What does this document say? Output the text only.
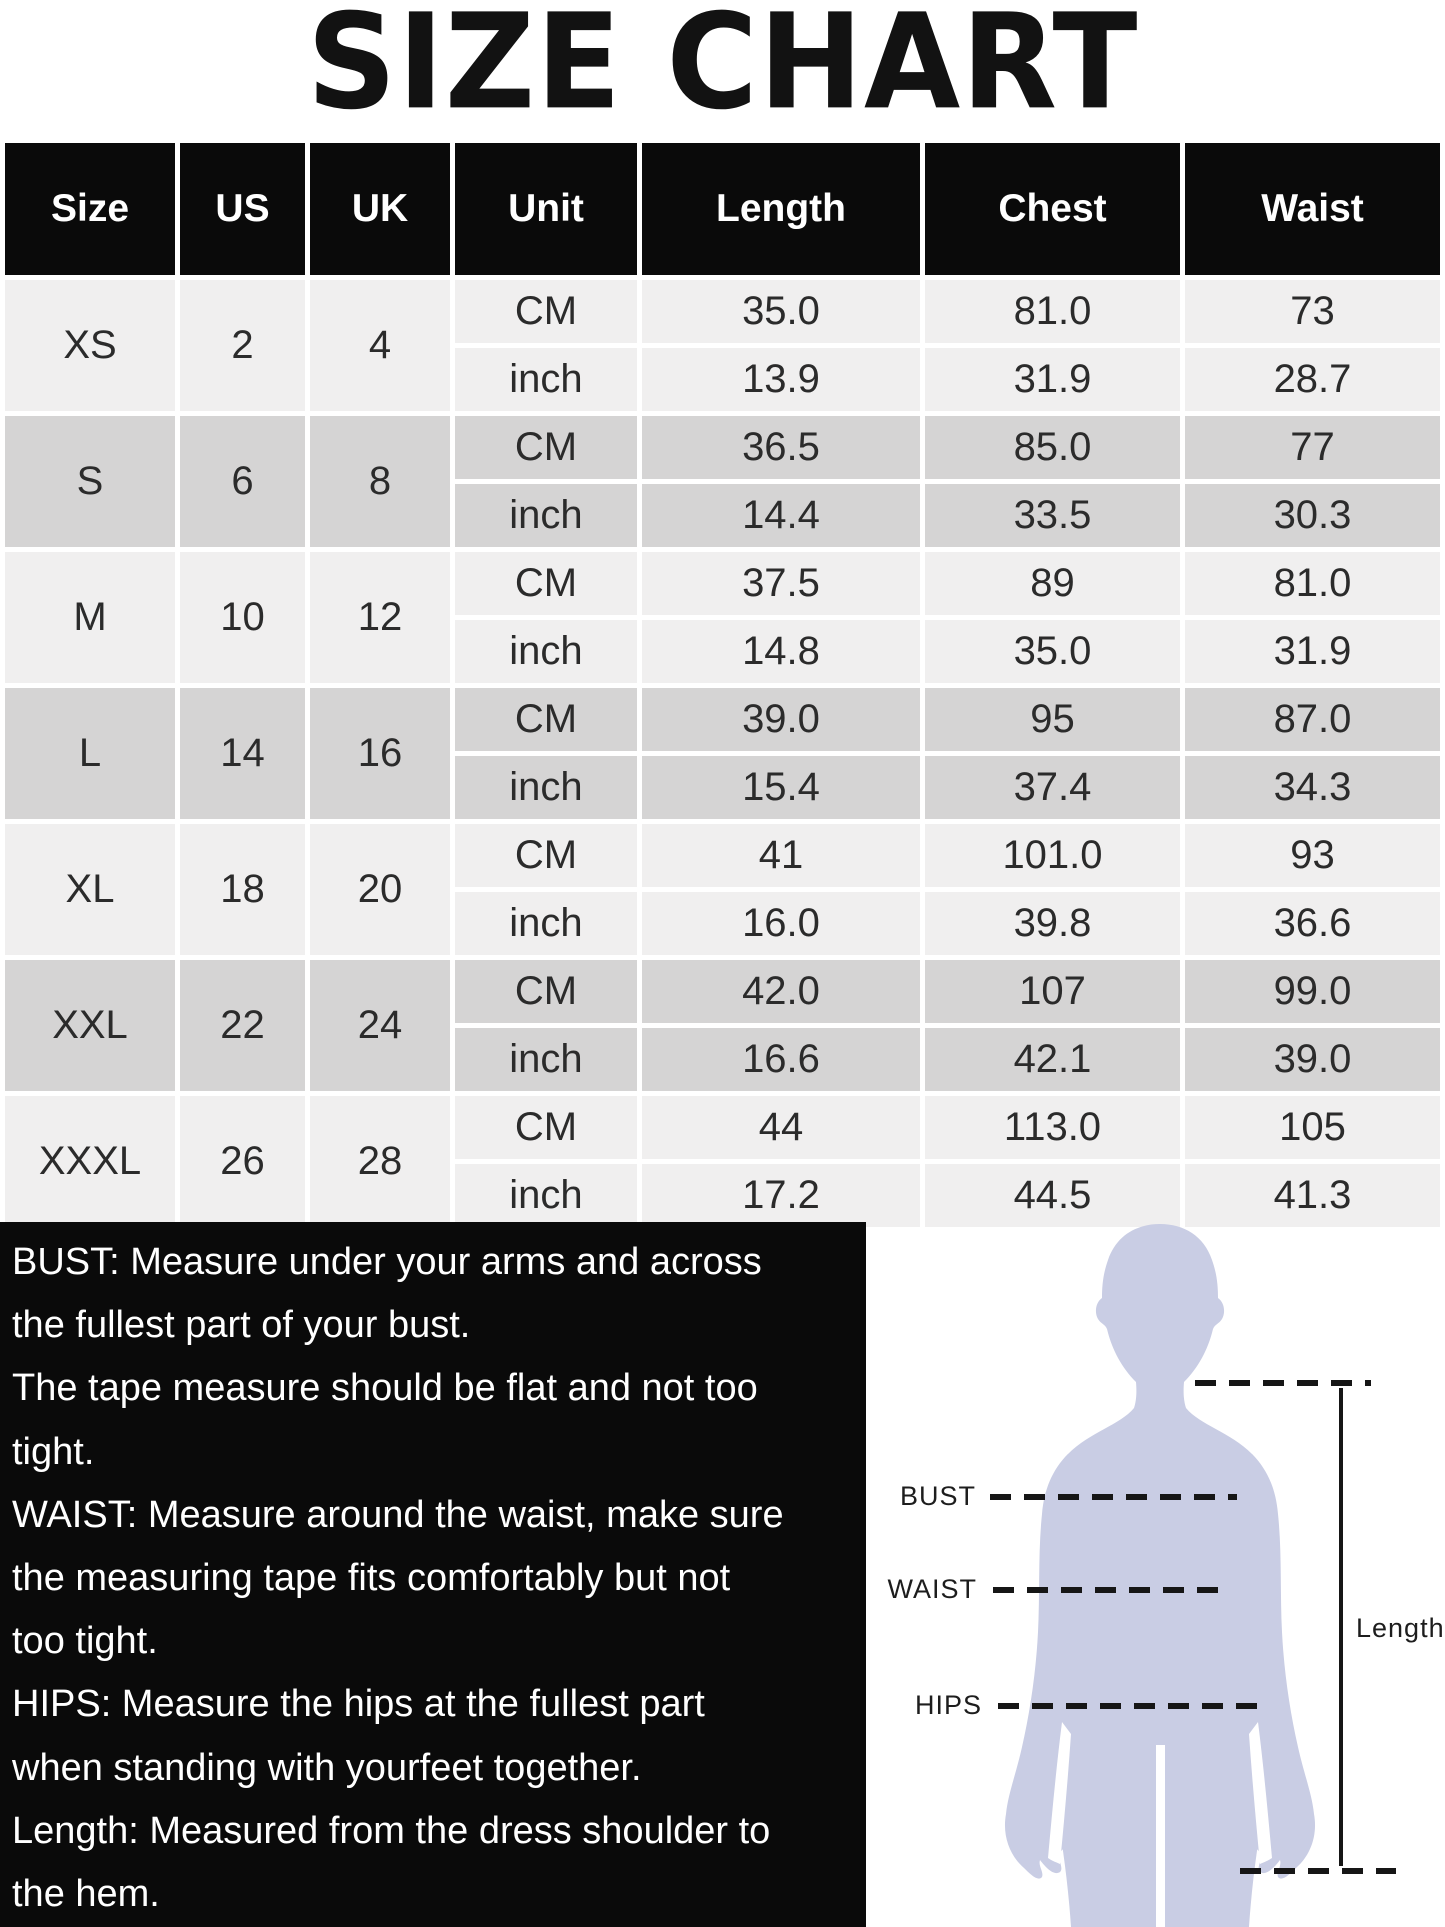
SIZE CHART
Size	US	UK	Unit	Length	Chest	Waist
XS	2	4
CM	35.0	81.0	73
inch	13.9	31.9	28.7
S	6	8
CM	36.5	85.0	77
inch	14.4	33.5	30.3
M	10	12
CM	37.5	89	81.0
inch	14.8	35.0	31.9
L	14	16
CM	39.0	95	87.0
inch	15.4	37.4	34.3
XL	18	20
CM	41	101.0	93
inch	16.0	39.8	36.6
XXL	22	24
CM	42.0	107	99.0
inch	16.6	42.1	39.0
XXXL	26	28
CM	44	113.0	105
inch	17.2	44.5	41.3
BUST: Measure under your arms and across
the fullest part of your bust.
The tape measure should be flat and not too
tight.
WAIST: Measure around the waist, make sure
the measuring tape fits comfortably but not
too tight.
HIPS: Measure the hips at the fullest part
when standing with yourfeet together.
Length: Measured from the dress shoulder to
the hem.
BUST
WAIST
HIPS
Length
